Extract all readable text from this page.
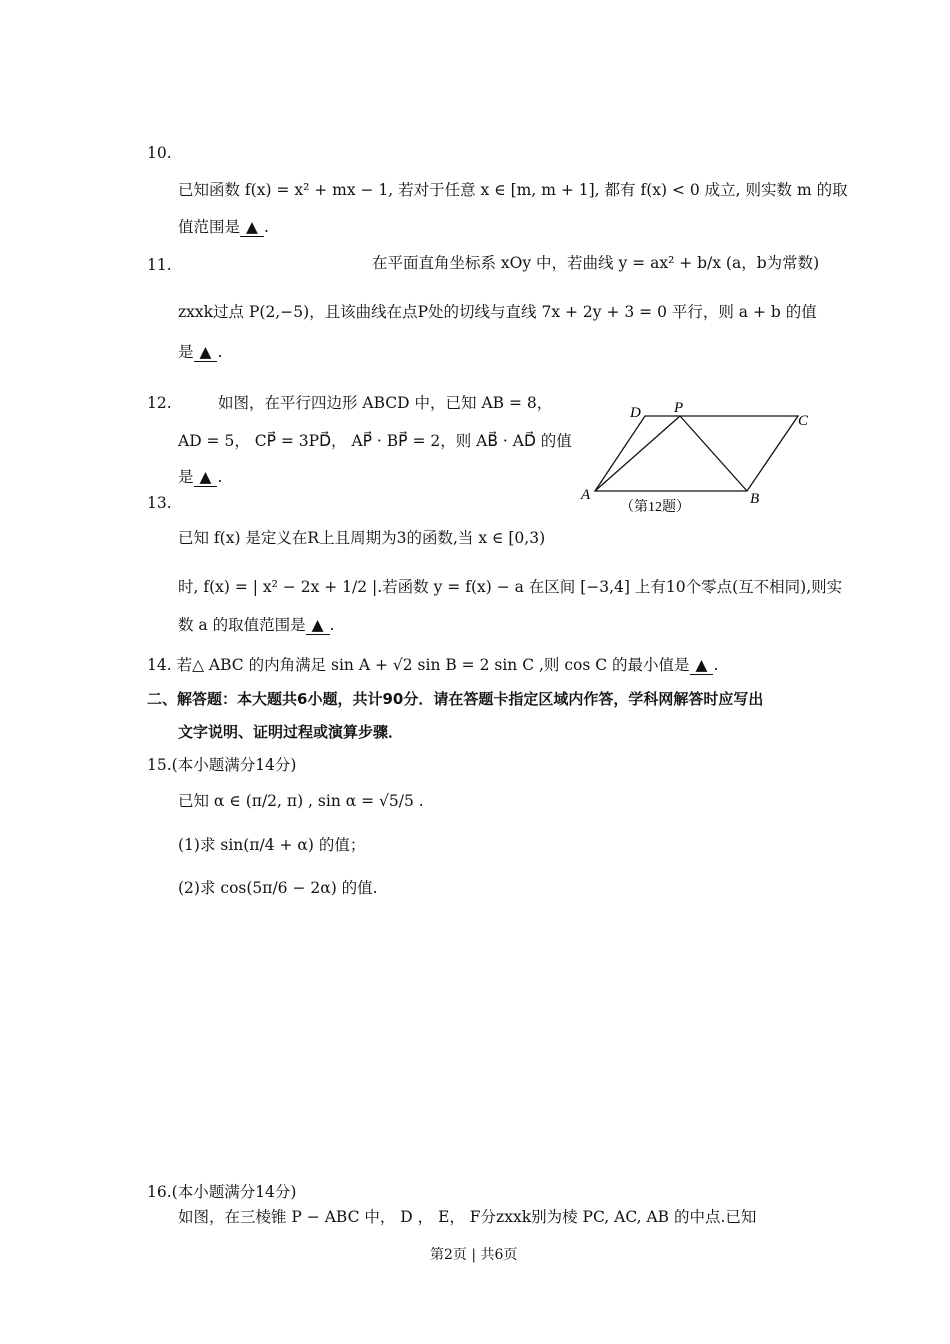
10.
已知函数 f(x) = x² + mx − 1, 若对于任意 x ∈ [m, m + 1], 都有 f(x) < 0 成立, 则实数 m 的取
值范围是 ▲ .
11.	在平面直角坐标系 xOy 中，若曲线 y = ax² + b/x (a，b为常数)
zxxk过点 P(2,−5)，且该曲线在点P处的切线与直线 7x + 2y + 3 = 0 平行，则 a + b 的值
是 ▲ .
12.	如图，在平行四边形 ABCD 中，已知 AB = 8，
AD = 5， CP⃗ = 3PD⃗， AP⃗ · BP⃗ = 2，则 AB⃗ · AD⃗ 的值
是 ▲ .
A	B
C
D P
（第12题）
13.
已知 f(x) 是定义在R上且周期为3的函数,当 x ∈ [0,3)
时, f(x) = | x² − 2x + 1/2 |.若函数 y = f(x) − a 在区间 [−3,4] 上有10个零点(互不相同),则实
数 a 的取值范围是 ▲ .
14. 若△ ABC 的内角满足 sin A + √2 sin B = 2 sin C ,则 cos C 的最小值是 ▲ .
二、解答题：本大题共6小题，共计90分．请在答题卡指定区域内作答，学科网解答时应写出
文字说明、证明过程或演算步骤．
15.(本小题满分14分)
已知 α ∈ (π/2, π) , sin α = √5/5 .
(1)求 sin(π/4 + α) 的值；
(2)求 cos(5π/6 − 2α) 的值.
16.(本小题满分14分)
如图，在三棱锥 P − ABC 中， D ， E， F分zxxk别为棱 PC, AC, AB 的中点.已知
第2页 | 共6页
